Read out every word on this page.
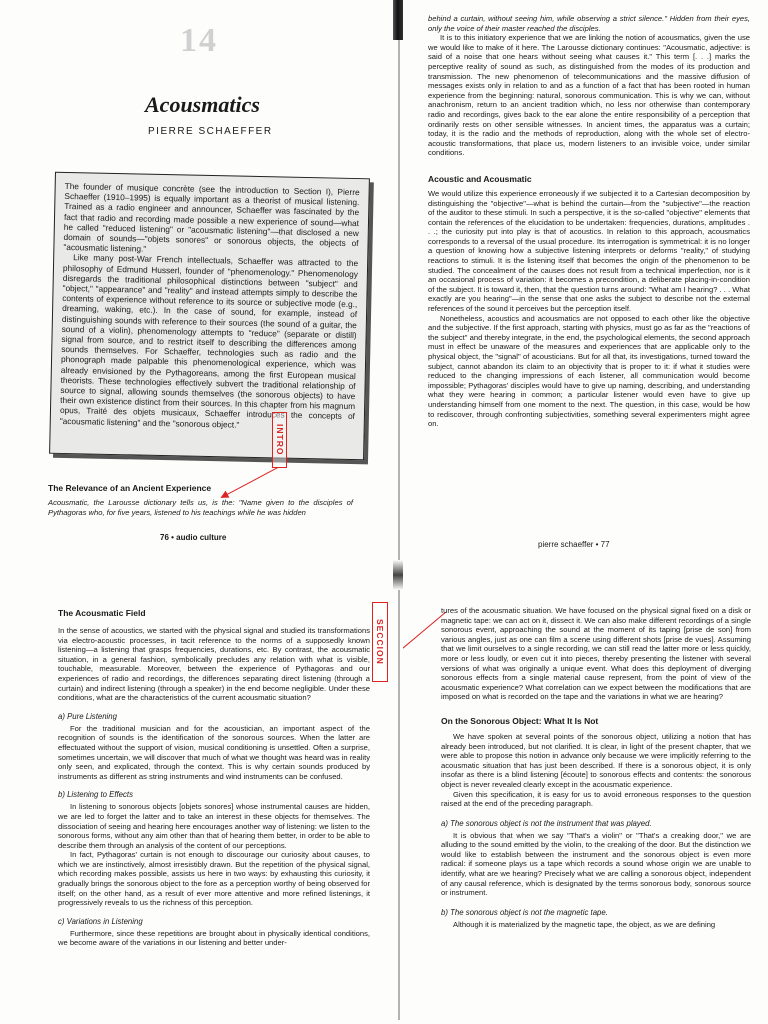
14
Acousmatics
PIERRE SCHAEFFER

The founder of musique concrète (see the introduction to Section I), Pierre Schaeffer (1910–1995) is equally important as a theorist of musical listening. Trained as a radio engineer and announcer, Schaeffer was fascinated by the fact that radio and recording made possible a new experience of sound—what he called "reduced listening" or "acousmatic listening"—that disclosed a new domain of sounds—"objets sonores" or sonorous objects, the objects of "acousmatic listening."

Like many post-War French intellectuals, Schaeffer was attracted to the philosophy of Edmund Husserl, founder of "phenomenology." Phenomenology disregards the traditional philosophical distinctions between "subject" and "object," "appearance" and "reality" and instead attempts simply to describe the contents of experience without reference to its source or subjective mode (e.g., dreaming, waking, etc.). In the case of sound, for example, instead of distinguishing sounds with reference to their sources (the sound of a guitar, the sound of a violin), phenomenology attempts to "reduce" (separate or distill) signal from source, and to restrict itself to describing the differences among sounds themselves. For Schaeffer, technologies such as radio and the phonograph made palpable this phenomenological experience, which was already envisioned by the Pythagoreans, among the first European musical theorists. These technologies effectively subvert the traditional relationship of source to signal, allowing sounds themselves (the sonorous objects) to have their own existence distinct from their sources. In this chapter from his magnum opus, Traité des objets musicaux, Schaeffer introduces the concepts of "acousmatic listening" and the "sonorous object."

INTRO

The Relevance of an Ancient Experience

Acousmatic, the Larousse dictionary tells us, is the: "Name given to the disciples of Pythagoras who, for five years, listened to his teachings while he was hidden

76 • audio culture

behind a curtain, without seeing him, while observing a strict silence." Hidden from their eyes, only the voice of their master reached the disciples.

It is to this initiatory experience that we are linking the notion of acousmatics, given the use we would like to make of it here. The Larousse dictionary continues: "Acousmatic, adjective: is said of a noise that one hears without seeing what causes it." This term [. . .] marks the perceptive reality of sound as such, as distinguished from the modes of its production and transmission. The new phenomenon of telecommunications and the massive diffusion of messages exists only in relation to and as a function of a fact that has been rooted in human experience from the beginning: natural, sonorous communication. This is why we can, without anachronism, return to an ancient tradition which, no less nor otherwise than contemporary radio and recordings, gives back to the ear alone the entire responsibility of a perception that ordinarily rests on other sensible witnesses. In ancient times, the apparatus was a curtain; today, it is the radio and the methods of reproduction, along with the whole set of electro-acoustic transformations, that place us, modern listeners to an invisible voice, under similar conditions.

Acoustic and Acousmatic

We would utilize this experience erroneously if we subjected it to a Cartesian decomposition by distinguishing the "objective"—what is behind the curtain—from the "subjective"—the reaction of the auditor to these stimuli. In such a perspective, it is the so-called "objective" elements that contain the references of the elucidation to be undertaken: frequencies, durations, amplitudes . . .; the curiosity put into play is that of acoustics. In relation to this approach, acousmatics corresponds to a reversal of the usual procedure. Its interrogation is symmetrical: it is no longer a question of knowing how a subjective listening interprets or deforms "reality," of studying reactions to stimuli. It is the listening itself that becomes the origin of the phenomenon to be studied. The concealment of the causes does not result from a technical imperfection, nor is it an occasional process of variation: it becomes a precondition, a deliberate placing-in-condition of the subject. It is toward it, then, that the question turns around: "What am I hearing? . . . What exactly are you hearing"—in the sense that one asks the subject to describe not the external references of the sound it perceives but the perception itself.

Nonetheless, acoustics and acousmatics are not opposed to each other like the objective and the subjective. If the first approach, starting with physics, must go as far as the "reactions of the subject" and thereby integrate, in the end, the psychological elements, the second approach must in effect be unaware of the measures and experiences that are applicable only to the physical object, the "signal" of acousticians. But for all that, its investigations, turned toward the subject, cannot abandon its claim to an objectivity that is proper to it: if what it studies were reduced to the changing impressions of each listener, all communication would become impossible; Pythagoras' disciples would have to give up naming, describing, and understanding what they were hearing in common; a particular listener would even have to give up understanding himself from one moment to the next. The question, in this case, would be how to rediscover, through confronting subjectivities, something several experimenters might agree on.

pierre schaeffer • 77

The Acousmatic Field

In the sense of acoustics, we started with the physical signal and studied its transformations via electro-acoustic processes, in tacit reference to the norms of a supposedly known listening—a listening that grasps frequencies, durations, etc. By contrast, the acousmatic situation, in a general fashion, symbolically precludes any relation with what is visible, touchable, measurable. Moreover, between the experience of Pythagoras and our experiences of radio and recordings, the differences separating direct listening (through a curtain) and indirect listening (through a speaker) in the end become negligible. Under these conditions, what are the characteristics of the current acousmatic situation?

a) Pure Listening

For the traditional musician and for the acoustician, an important aspect of the recognition of sounds is the identification of the sonorous sources. When the latter are effectuated without the support of vision, musical conditioning is unsettled. Often a surprise, sometimes uncertain, we will discover that much of what we thought was heard was in reality only seen, and explicated, through the context. This is why certain sounds produced by instruments as different as string instruments and wind instruments can be confused.

b) Listening to Effects

In listening to sonorous objects [objets sonores] whose instrumental causes are hidden, we are led to forget the latter and to take an interest in these objects for themselves. The dissociation of seeing and hearing here encourages another way of listening: we listen to the sonorous forms, without any aim other than that of hearing them better, in order to be able to describe them through an analysis of the content of our perceptions.

In fact, Pythagoras' curtain is not enough to discourage our curiosity about causes, to which we are instinctively, almost irresistibly drawn. But the repetition of the physical signal, which recording makes possible, assists us here in two ways: by exhausting this curiosity, it gradually brings the sonorous object to the fore as a perception worthy of being observed for itself; on the other hand, as a result of ever more attentive and more refined listenings, it progressively reveals to us the richness of this perception.

c) Variations in Listening

Furthermore, since these repetitions are brought about in physically identical conditions, we become aware of the variations in our listening and better under-

SECCION

tures of the acousmatic situation. We have focused on the physical signal fixed on a disk or magnetic tape: we can act on it, dissect it. We can also make different recordings of a single sonorous event, approaching the sound at the moment of its taping [prise de son] from various angles, just as one can film a scene using different shots [prise de vues]. Assuming that we limit ourselves to a single recording, we can still read the latter more or less quickly, more or less loudly, or even cut it into pieces, thereby presenting the listener with several versions of what was originally a unique event. What does this deployment of diverging sonorous effects from a single material cause represent, from the point of view of the acousmatic experience? What correlation can we expect between the modifications that are imposed on what is recorded on the tape and the variations in what we are hearing?

On the Sonorous Object: What It Is Not

We have spoken at several points of the sonorous object, utilizing a notion that has already been introduced, but not clarified. It is clear, in light of the present chapter, that we were able to propose this notion in advance only because we were implicitly referring to the acousmatic situation that has just been described. If there is a sonorous object, it is only insofar as there is a blind listening [écoute] to sonorous effects and contents: the sonorous object is never revealed clearly except in the acousmatic experience.

Given this specification, it is easy for us to avoid erroneous responses to the question raised at the end of the preceding paragraph.

a) The sonorous object is not the instrument that was played.

It is obvious that when we say "That's a violin" or "That's a creaking door," we are alluding to the sound emitted by the violin, to the creaking of the door. But the distinction we would like to establish between the instrument and the sonorous object is even more radical: if someone plays us a tape which records a sound whose origin we are unable to identify, what are we hearing? Precisely what we are calling a sonorous object, independent of any causal reference, which is designated by the terms sonorous body, sonorous source or instrument.

b) The sonorous object is not the magnetic tape.

Although it is materialized by the magnetic tape, the object, as we are defining
